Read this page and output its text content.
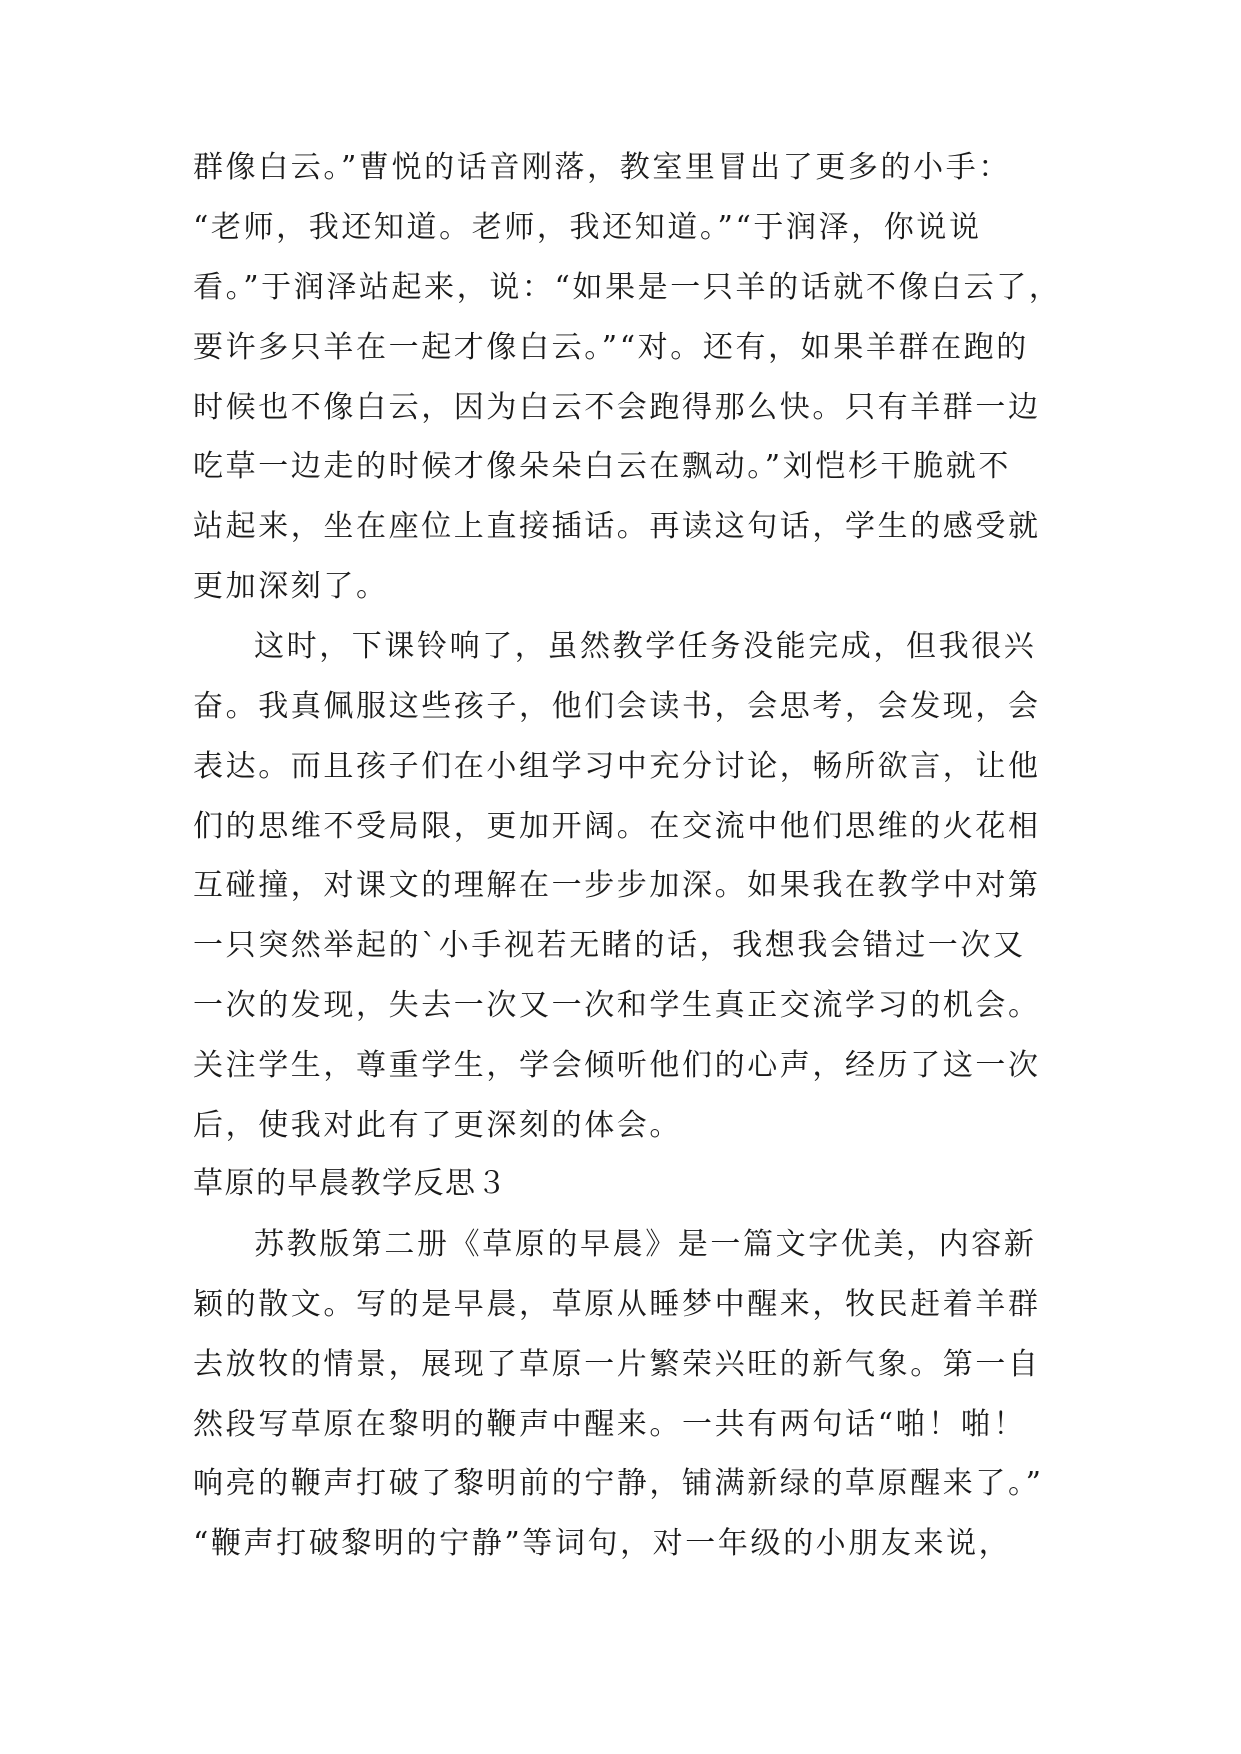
群像白云。”曹悦的话音刚落，教室里冒出了更多的小手：
“老师，我还知道。老师，我还知道。”“于润泽，你说说
看。”于润泽站起来，说：“如果是一只羊的话就不像白云了，
要许多只羊在一起才像白云。”“对。还有，如果羊群在跑的
时候也不像白云，因为白云不会跑得那么快。只有羊群一边
吃草一边走的时候才像朵朵白云在飘动。”刘恺杉干脆就不
站起来，坐在座位上直接插话。再读这句话，学生的感受就
更加深刻了。
这时，下课铃响了，虽然教学任务没能完成，但我很兴
奋。我真佩服这些孩子，他们会读书，会思考，会发现，会
表达。而且孩子们在小组学习中充分讨论，畅所欲言，让他
们的思维不受局限，更加开阔。在交流中他们思维的火花相
互碰撞，对课文的理解在一步步加深。如果我在教学中对第
一只突然举起的`小手视若无睹的话，我想我会错过一次又
一次的发现，失去一次又一次和学生真正交流学习的机会。
关注学生，尊重学生，学会倾听他们的心声，经历了这一次
后，使我对此有了更深刻的体会。
草原的早晨教学反思３
苏教版第二册《草原的早晨》是一篇文字优美，内容新
颖的散文。写的是早晨，草原从睡梦中醒来，牧民赶着羊群
去放牧的情景，展现了草原一片繁荣兴旺的新气象。第一自
然段写草原在黎明的鞭声中醒来。一共有两句话“啪！啪！
响亮的鞭声打破了黎明前的宁静，铺满新绿的草原醒来了。”
“鞭声打破黎明的宁静”等词句，对一年级的小朋友来说，
